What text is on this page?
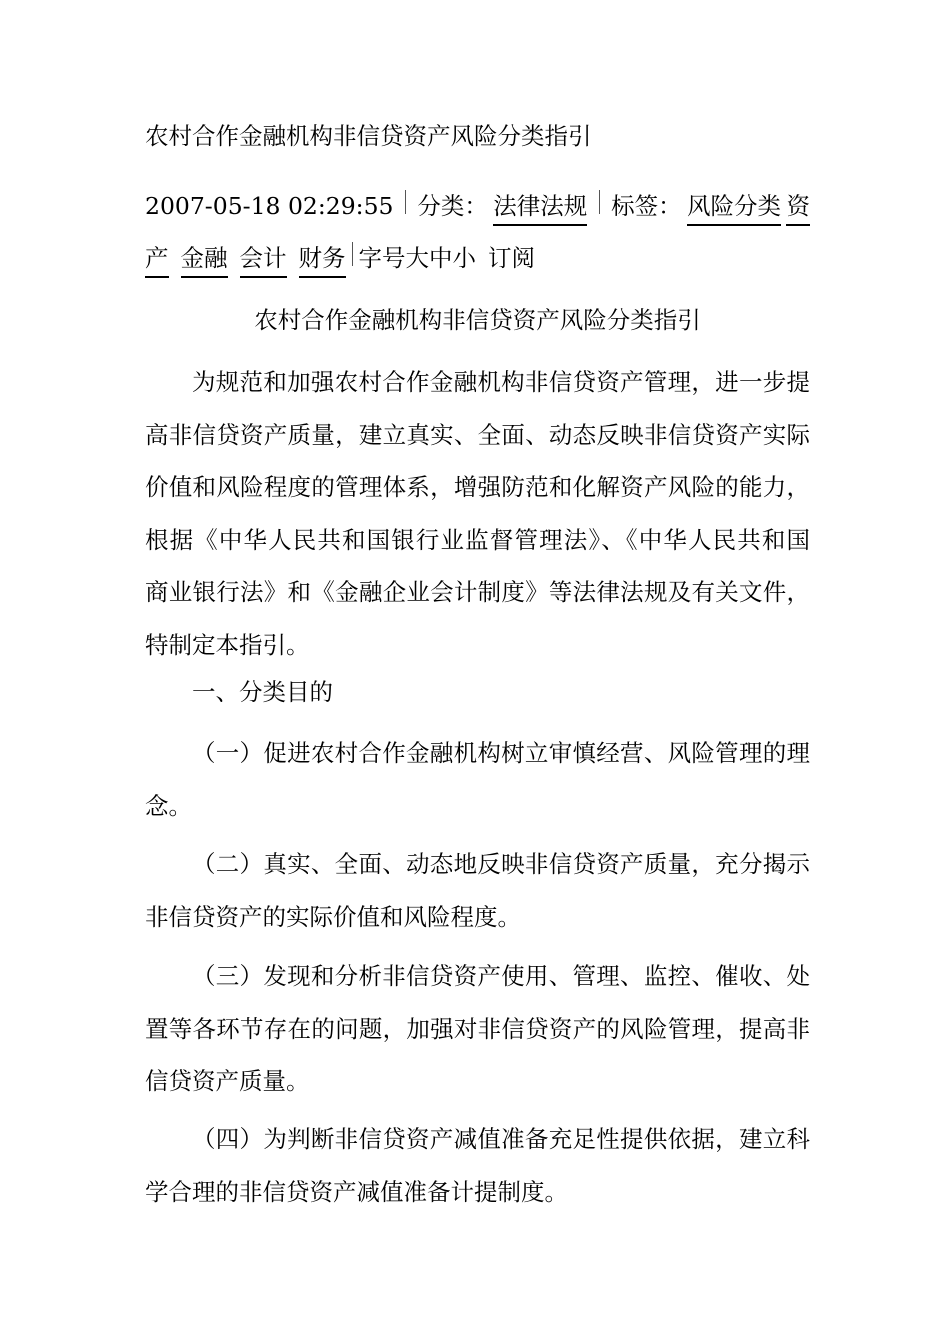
农村合作金融机构非信贷资产风险分类指引
2007-05-18 02:29:55 分类： 法律法规 标签： 风险分类 资
产 金融 会计 财务 字号大中小 订阅
农村合作金融机构非信贷资产风险分类指引
为规范和加强农村合作金融机构非信贷资产管理，进一步提
高非信贷资产质量，建立真实、全面、动态反映非信贷资产实际
价值和风险程度的管理体系，增强防范和化解资产风险的能力，
根据《中华人民共和国银行业监督管理法》、《中华人民共和国
商业银行法》和《金融企业会计制度》等法律法规及有关文件，
特制定本指引。
一、分类目的
（一）促进农村合作金融机构树立审慎经营、风险管理的理
念。
（二）真实、全面、动态地反映非信贷资产质量，充分揭示
非信贷资产的实际价值和风险程度。
（三）发现和分析非信贷资产使用、管理、监控、催收、处
置等各环节存在的问题，加强对非信贷资产的风险管理，提高非
信贷资产质量。
（四）为判断非信贷资产减值准备充足性提供依据，建立科
学合理的非信贷资产减值准备计提制度。
